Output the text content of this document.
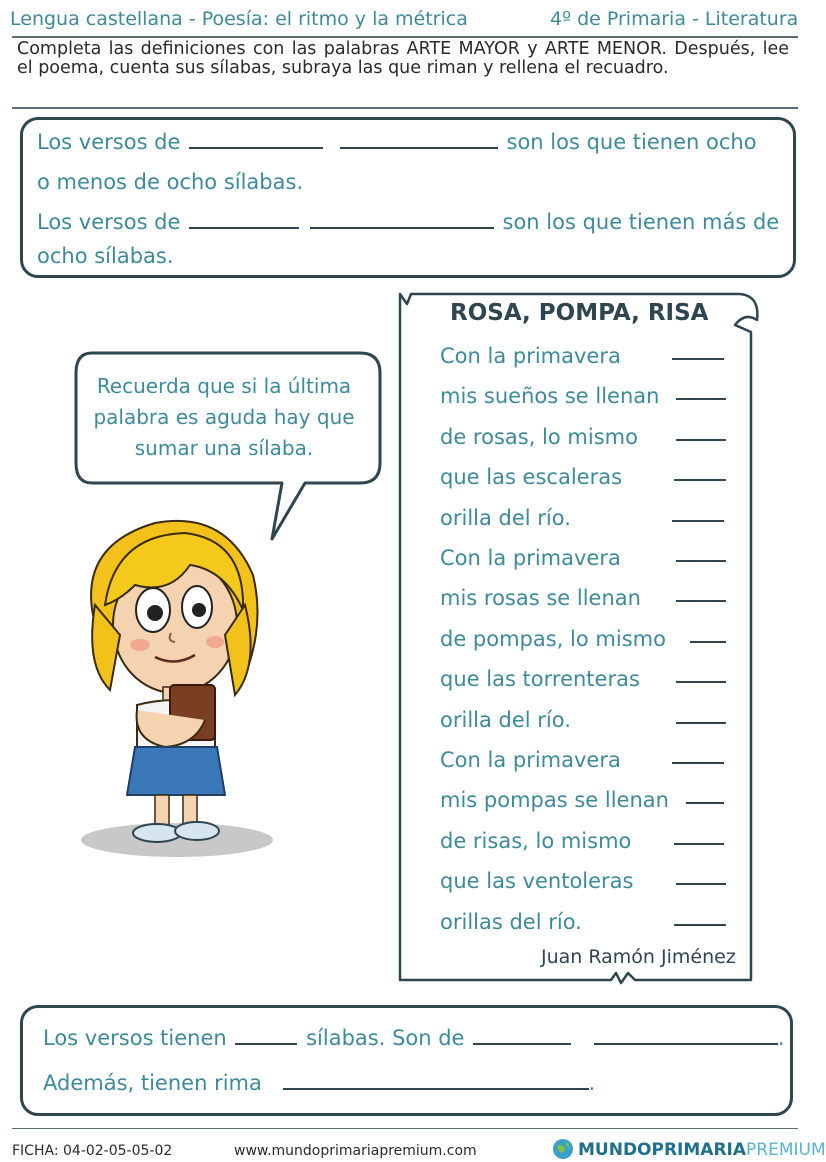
Lengua castellana - Poesía: el ritmo y la métrica	4º de Primaria - Literatura
Completa las definiciones con las palabras ARTE MAYOR y ARTE MENOR. Después, lee el poema, cuenta sus sílabas, subraya las que riman y rellena el recuadro.
Los versos de	son los que tienen ocho
o menos de ocho sílabas.
Los versos de	son los que tienen más de
ocho sílabas.
Recuerda que si la última palabra es aguda hay que sumar una sílaba.
ROSA, POMPA, RISA
Con la primavera
mis sueños se llenan
de rosas, lo mismo
que las escaleras
orilla del río.
Con la primavera
mis rosas se llenan
de pompas, lo mismo
que las torrenteras
orilla del río.
Con la primavera
mis pompas se llenan
de risas, lo mismo
que las ventoleras
orillas del río.
Juan Ramón Jiménez
Los versos tienen	sílabas. Son de	.
Además, tienen rima	.
FICHA: 04-02-05-05-02	www.mundoprimariapremium.com	MUNDOPRIMARIAPREMIUM
